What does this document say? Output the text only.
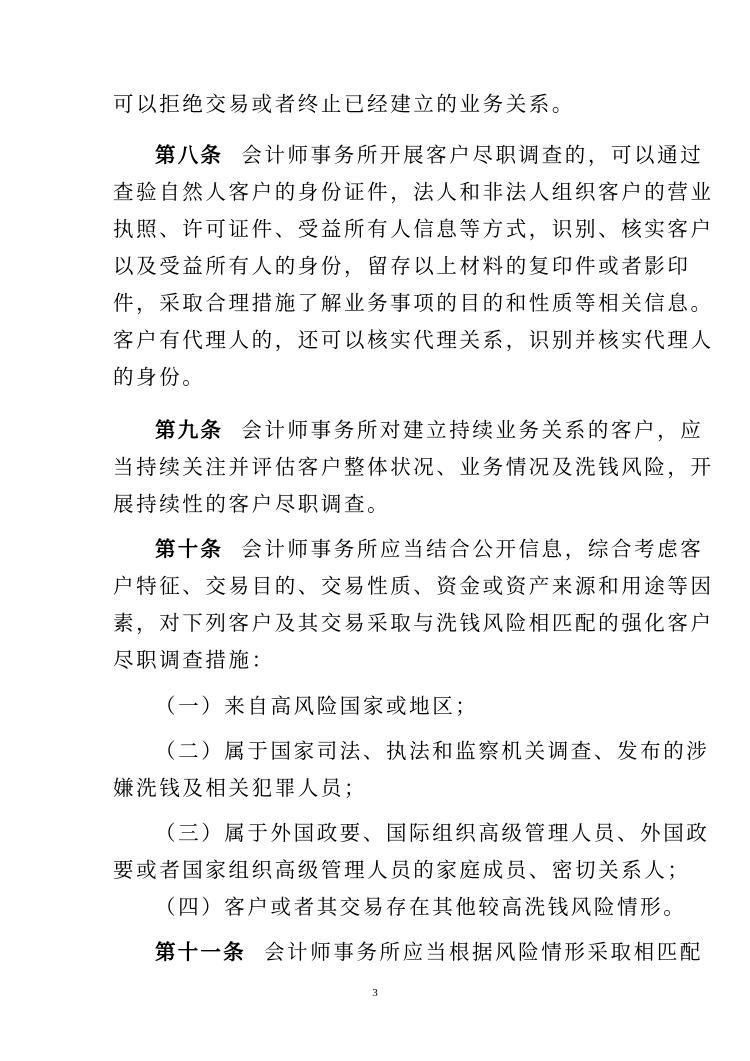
可以拒绝交易或者终止已经建立的业务关系。
第八条 会计师事务所开展客户尽职调查的，可以通过
查验自然人客户的身份证件，法人和非法人组织客户的营业
执照、许可证件、受益所有人信息等方式，识别、核实客户
以及受益所有人的身份，留存以上材料的复印件或者影印
件，采取合理措施了解业务事项的目的和性质等相关信息。
客户有代理人的，还可以核实代理关系，识别并核实代理人
的身份。
第九条 会计师事务所对建立持续业务关系的客户，应
当持续关注并评估客户整体状况、业务情况及洗钱风险，开
展持续性的客户尽职调查。
第十条 会计师事务所应当结合公开信息，综合考虑客
户特征、交易目的、交易性质、资金或资产来源和用途等因
素，对下列客户及其交易采取与洗钱风险相匹配的强化客户
尽职调查措施：
（一）来自高风险国家或地区；
（二）属于国家司法、执法和监察机关调查、发布的涉
嫌洗钱及相关犯罪人员；
（三）属于外国政要、国际组织高级管理人员、外国政
要或者国家组织高级管理人员的家庭成员、密切关系人；
（四）客户或者其交易存在其他较高洗钱风险情形。
第十一条 会计师事务所应当根据风险情形采取相匹配
3
